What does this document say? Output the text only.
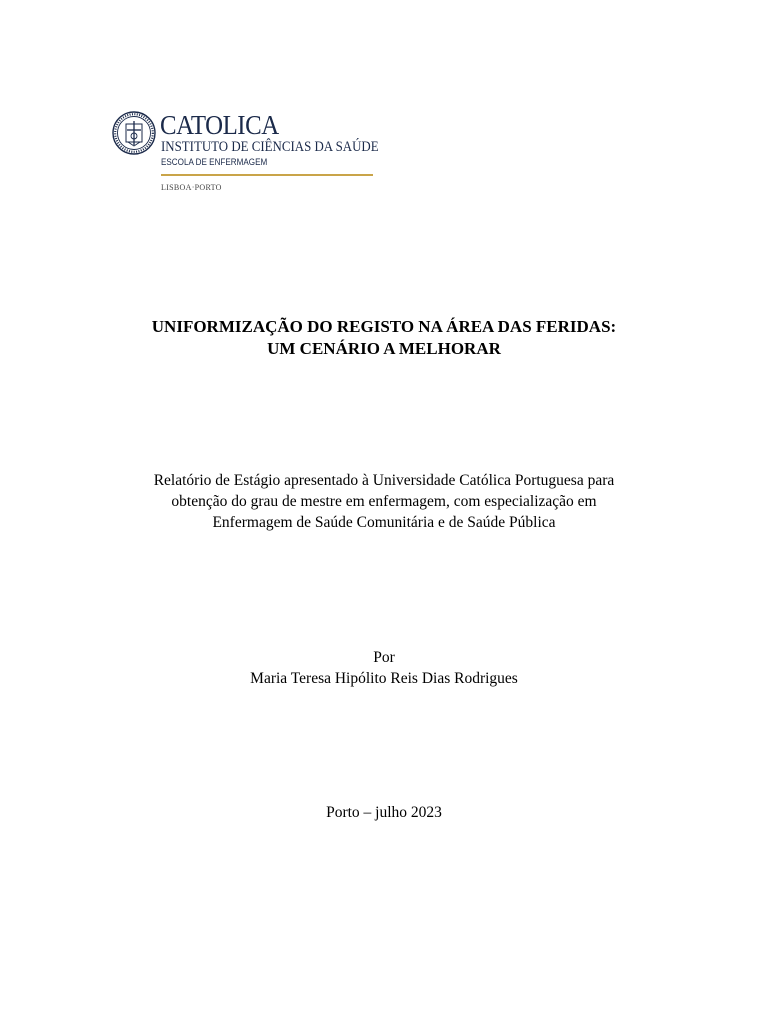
CATOLICA
INSTITUTO DE CIÊNCIAS DA SAÚDE
ESCOLA DE ENFERMAGEM
LISBOA·PORTO
UNIFORMIZAÇÃO DO REGISTO NA ÁREA DAS FERIDAS:
UM CENÁRIO A MELHORAR
Relatório de Estágio apresentado à Universidade Católica Portuguesa para
obtenção do grau de mestre em enfermagem, com especialização em
Enfermagem de Saúde Comunitária e de Saúde Pública
Por
Maria Teresa Hipólito Reis Dias Rodrigues
Porto – julho 2023
